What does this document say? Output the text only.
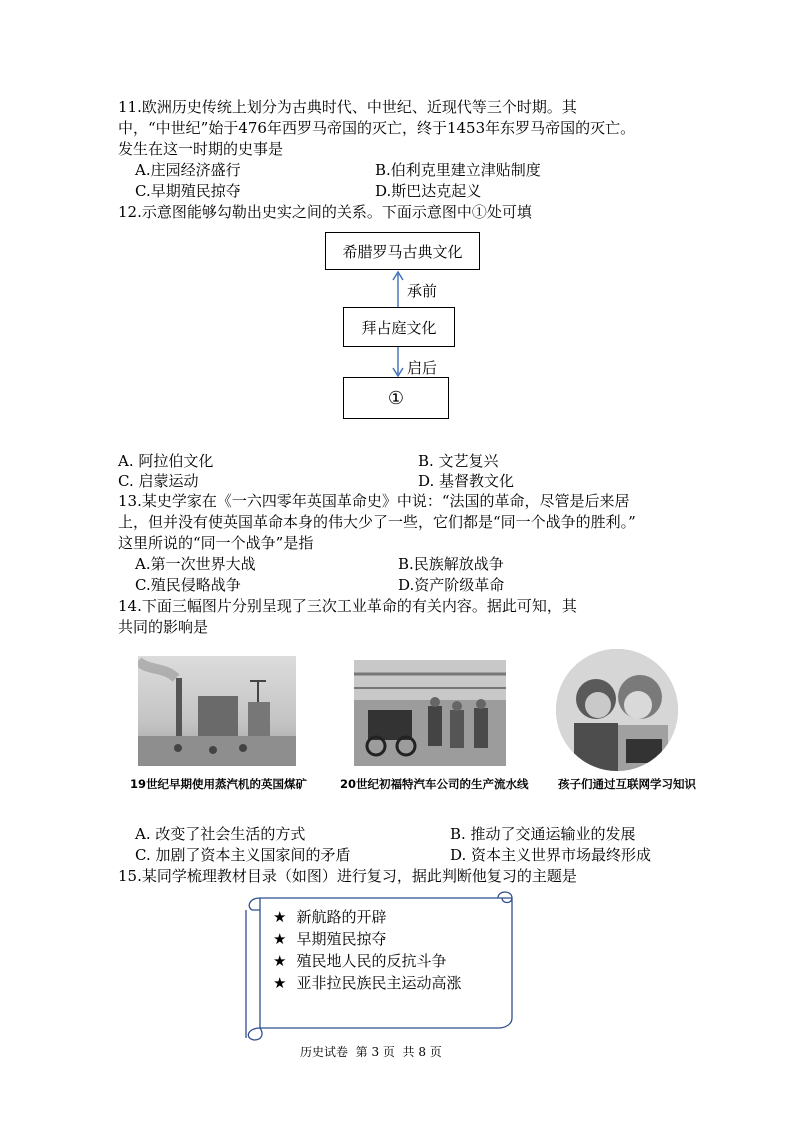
11.欧洲历史传统上划分为古典时代、中世纪、近现代等三个时期。其
中，“中世纪”始于476年西罗马帝国的灭亡，终于1453年东罗马帝国的灭亡。
发生在这一时期的史事是
A.庄园经济盛行	B.伯利克里建立津贴制度
C.早期殖民掠夺	D.斯巴达克起义
12.示意图能够勾勒出史实之间的关系。下面示意图中①处可填
希腊罗马古典文化
承前
拜占庭文化
启后
①
A. 阿拉伯文化	B. 文艺复兴
C. 启蒙运动	D. 基督教文化
13.某史学家在《一六四零年英国革命史》中说：“法国的革命，尽管是后来居
上，但并没有使英国革命本身的伟大少了一些，它们都是“同一个战争的胜利。”
这里所说的“同一个战争”是指
A.第一次世界大战	B.民族解放战争
C.殖民侵略战争	D.资产阶级革命
14.下面三幅图片分别呈现了三次工业革命的有关内容。据此可知，其
共同的影响是
19世纪早期使用蒸汽机的英国煤矿	20世纪初福特汽车公司的生产流水线	孩子们通过互联网学习知识
A. 改变了社会生活的方式	B. 推动了交通运输业的发展
C. 加剧了资本主义国家间的矛盾	D. 资本主义世界市场最终形成
15.某同学梳理教材目录（如图）进行复习，据此判断他复习的主题是
★ 新航路的开辟
★ 早期殖民掠夺
★ 殖民地人民的反抗斗争
★ 亚非拉民族民主运动高涨
历史试卷  第 3 页  共 8 页
